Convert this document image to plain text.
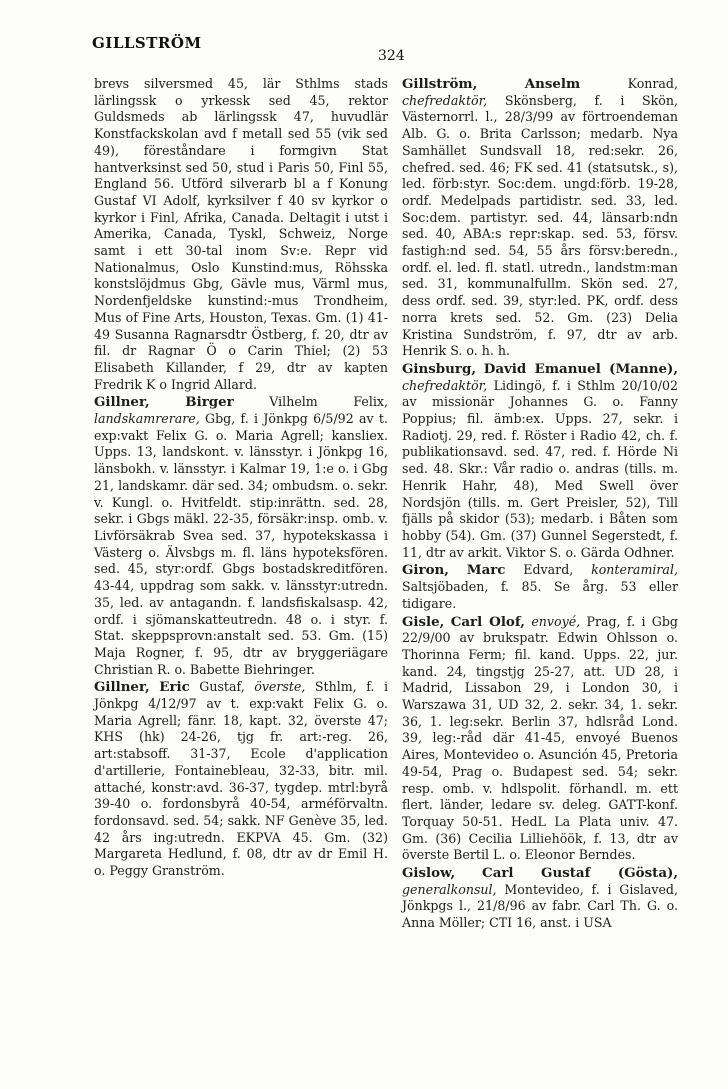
GILLSTRÖM
324

brevs silversmed 45, lär Sthlms stads lärlingssk o yrkessk sed 45, rektor Guldsmeds ab lärlingssk 47, huvudlär Konstfackskolan avd f metall sed 55 (vik sed 49), föreståndare i formgivn Stat hantverksinst sed 50, stud i Paris 50, Finl 55, England 56. Utförd silverarb bl a f Konung Gustaf VI Adolf, kyrksilver f 40 sv kyrkor o kyrkor i Finl, Afrika, Canada. Deltagit i utst i Amerika, Canada, Tyskl, Schweiz, Norge samt i ett 30-tal inom Sv:e. Repr vid Nationalmus, Oslo Kunstind:mus, Röhsska konstslöjdmus Gbg, Gävle mus, Värml mus, Nordenfjeldske kunstind:-mus Trondheim, Mus of Fine Arts, Houston, Texas. Gm. (1) 41-49 Susanna Ragnarsdtr Östberg, f. 20, dtr av fil. dr Ragnar Ö o Carin Thiel; (2) 53 Elisabeth Killander, f 29, dtr av kapten Fredrik K o Ingrid Allard.

Gillner,	Birger Vilhelm Felix, landskamrerare, Gbg, f. i Jönkpg 6/5/92 av t. exp:vakt Felix G. o. Maria Agrell; kansliex. Upps. 13, landskont. v. länsstyr. i Jönkpg 16, länsbokh. v. länsstyr. i Kalmar 19, 1:e o. i Gbg 21, landskamr. där sed. 34; ombudsm. o. sekr. v. Kungl. o. Hvitfeldt. stip:inrättn. sed. 28, sekr. i Gbgs mäkl. 22-35, försäkr:insp. omb. v. Livförsäkrab Svea sed. 37, hypotekskassa i Västerg o. Älvsbgs m. fl. läns hypoteksfören. sed. 45, styr:ordf. Gbgs bostadskreditfören. 43-44, uppdrag som sakk. v. länsstyr:utredn. 35, led. av antagandn. f. landsfiskalsasp. 42, ordf. i sjömanskatteutredn. 48 o. i styr. f. Stat. skeppsprovn:anstalt sed. 53. Gm. (15) Maja Rogner, f. 95, dtr av bryggeriägare Christian R. o. Babette Biehringer.

Gillner, Eric Gustaf, överste, Sthlm, f. i Jönkpg 4/12/97 av t. exp:vakt Felix G. o. Maria Agrell; fänr. 18, kapt. 32, överste 47; KHS (hk) 24-26, tjg fr. art:-reg. 26, art:stabsoff. 31-37, Ecole d'application d'artillerie, Fontainebleau, 32-33, bitr. mil. attaché, konstr:avd. 36-37, tygdep. mtrl:byrå 39-40 o. fordonsbyrå 40-54, arméförvaltn. fordonsavd. sed. 54; sakk. NF Genève 35, led. 42 års ing:utredn. EKPVA 45. Gm. (32) Margareta Hedlund, f. 08, dtr av dr Emil H. o. Peggy Granström.

Gillström,	Anselm Konrad, chefredaktör, Skönsberg, f. i Skön, Västernorrl. l., 28/3/99 av förtroendeman Alb. G. o. Brita Carlsson; medarb. Nya Samhället Sundsvall 18, red:sekr. 26, chefred. sed. 46; FK sed. 41 (statsutsk., s), led. förb:styr. Soc:dem. ungd:förb. 19-28, ordf. Medelpads partidistr. sed. 33, led. Soc:dem. partistyr. sed. 44, länsarb:ndn sed. 40, ABA:s repr:skap. sed. 53, försv. fastigh:nd sed. 54, 55 års försv:beredn., ordf. el. led. fl. statl. utredn., landstm:man sed. 31, kommunalfullm. Skön sed. 27, dess ordf. sed. 39, styr:led. PK, ordf. dess norra krets sed. 52. Gm. (23) Delia Kristina Sundström, f. 97, dtr av arb. Henrik S. o. h. h.

Ginsburg, David Emanuel (Manne), chefredaktör, Lidingö, f. i Sthlm 20/10/02 av missionär Johannes G. o. Fanny Poppius; fil. ämb:ex. Upps. 27, sekr. i Radiotj. 29, red. f. Röster i Radio 42, ch. f. publikationsavd. sed. 47, red. f. Hörde Ni sed. 48. Skr.: Vår radio o. andras (tills. m. Henrik Hahr, 48), Med Swell över Nordsjön (tills. m. Gert Preisler, 52), Till fjälls på skidor (53); medarb. i Båten som hobby (54). Gm. (37) Gunnel Segerstedt, f. 11, dtr av arkit. Viktor S. o. Gärda Odhner.

Giron, Marc Edvard, konteramiral, Saltsjöbaden, f. 85. Se årg. 53 eller tidigare.

Gisle, Carl Olof, envoyé, Prag, f. i Gbg 22/9/00 av brukspatr. Edwin Ohlsson o. Thorinna Ferm; fil. kand. Upps. 22, jur. kand. 24, tingstjg 25-27, att. UD 28, i Madrid, Lissabon 29, i London 30, i Warszawa 31, UD 32, 2. sekr. 34, 1. sekr. 36, 1. leg:sekr. Berlin 37, hdlsråd Lond. 39, leg:-råd där 41-45, envoyé Buenos Aires, Montevideo o. Asunción 45, Pretoria 49-54, Prag o. Budapest sed. 54; sekr. resp. omb. v. hdlspolit. förhandl. m. ett flert. länder, ledare sv. deleg. GATT-konf. Torquay 50-51. HedL La Plata univ. 47. Gm. (36) Cecilia Lilliehöök, f. 13, dtr av överste Bertil L. o. Eleonor Berndes.

Gislow, Carl Gustaf (Gösta), generalkonsul, Montevideo, f. i Gislaved, Jönkpgs l., 21/8/96 av fabr. Carl Th. G. o. Anna Möller; CTI 16, anst. i USA
